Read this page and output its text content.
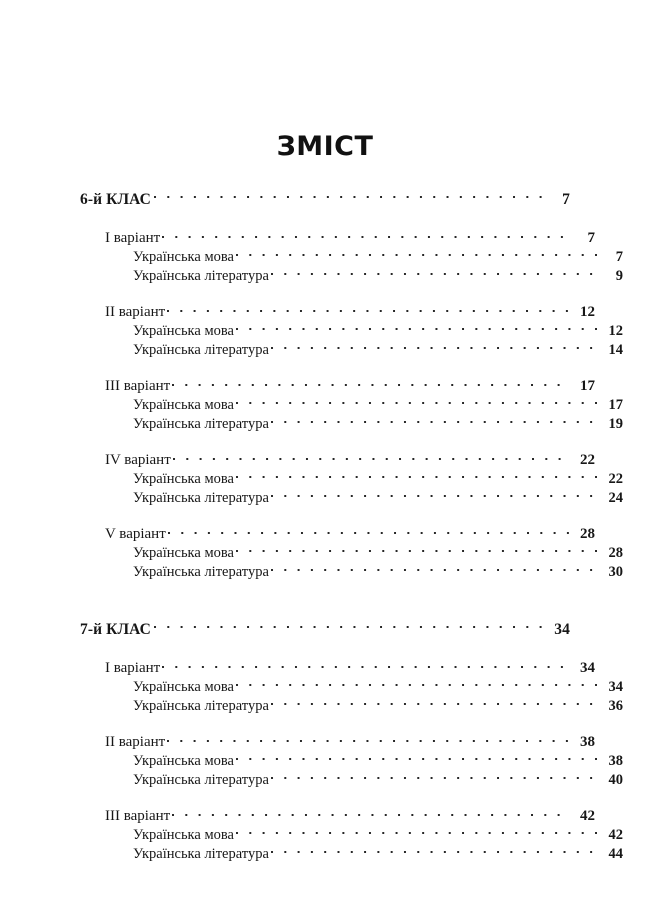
ЗМІСТ
6-й КЛАС	7
I варіант	7
Українська мова	7
Українська література	9
II варіант	12
Українська мова	12
Українська література	14
III варіант	17
Українська мова	17
Українська література	19
IV варіант	22
Українська мова	22
Українська література	24
V варіант	28
Українська мова	28
Українська література	30
7-й КЛАС	34
I варіант	34
Українська мова	34
Українська література	36
II варіант	38
Українська мова	38
Українська література	40
III варіант	42
Українська мова	42
Українська література	44
